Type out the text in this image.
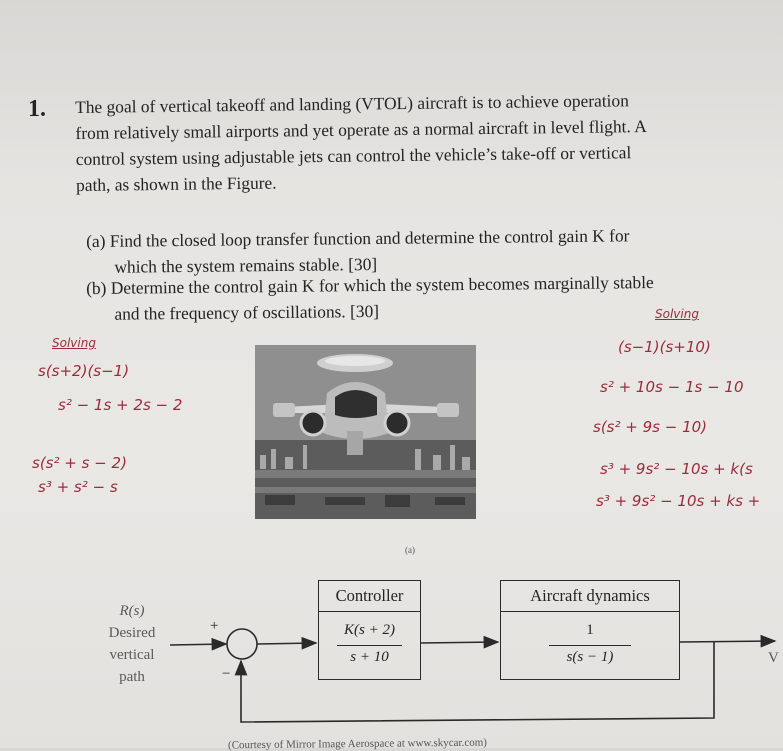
1. The goal of vertical takeoff and landing (VTOL) aircraft is to achieve operation
from relatively small airports and yet operate as a normal aircraft in level flight. A
control system using adjustable jets can control the vehicle’s take-off or vertical
path, as shown in the Figure.
(a) Find the closed loop transfer function and determine the control gain K for
which the system remains stable. [30]
(b) Determine the control gain K for which the system becomes marginally stable
and the frequency of oscillations. [30]
Solving
s(s+2)(s−1)
s² − 1s + 2s − 2
s(s² + s − 2)
s³ + s² − s
Solving
(s−1)(s+10)
s² + 10s − 1s − 10
s(s² + 9s − 10)
s³ + 9s² − 10s + k(s
s³ + 9s² − 10s + ks +
(a)
+
−
R(s)
Desired
vertical
path
Controller
K(s + 2)
s + 10
Aircraft dynamics
1
s(s − 1)	V
(Courtesy of Mirror Image Aerospace at www.skycar.com)
